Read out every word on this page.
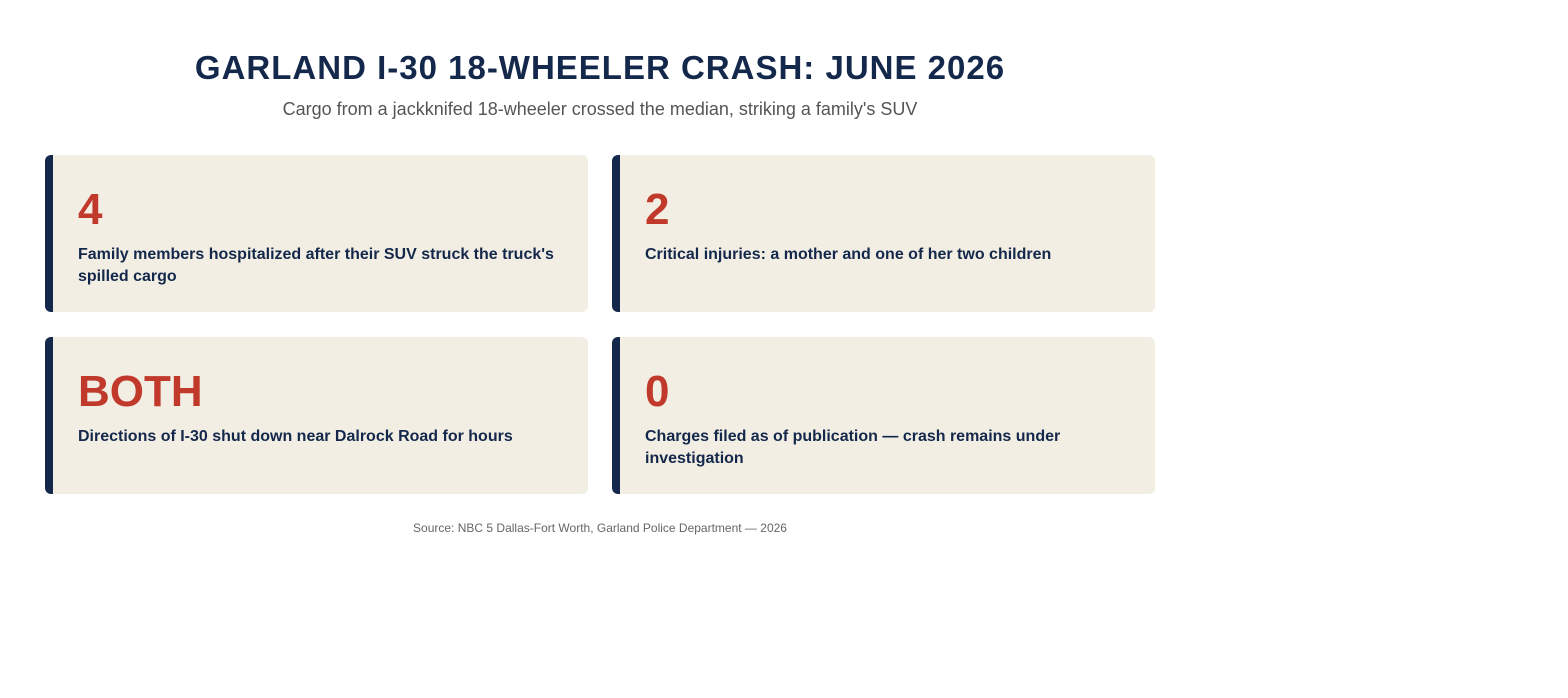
GARLAND I-30 18-WHEELER CRASH: JUNE 2026
Cargo from a jackknifed 18-wheeler crossed the median, striking a family's SUV
4
Family members hospitalized after their SUV struck the truck's spilled cargo
2
Critical injuries: a mother and one of her two children
BOTH
Directions of I-30 shut down near Dalrock Road for hours
0
Charges filed as of publication — crash remains under investigation
Source: NBC 5 Dallas-Fort Worth, Garland Police Department — 2026
